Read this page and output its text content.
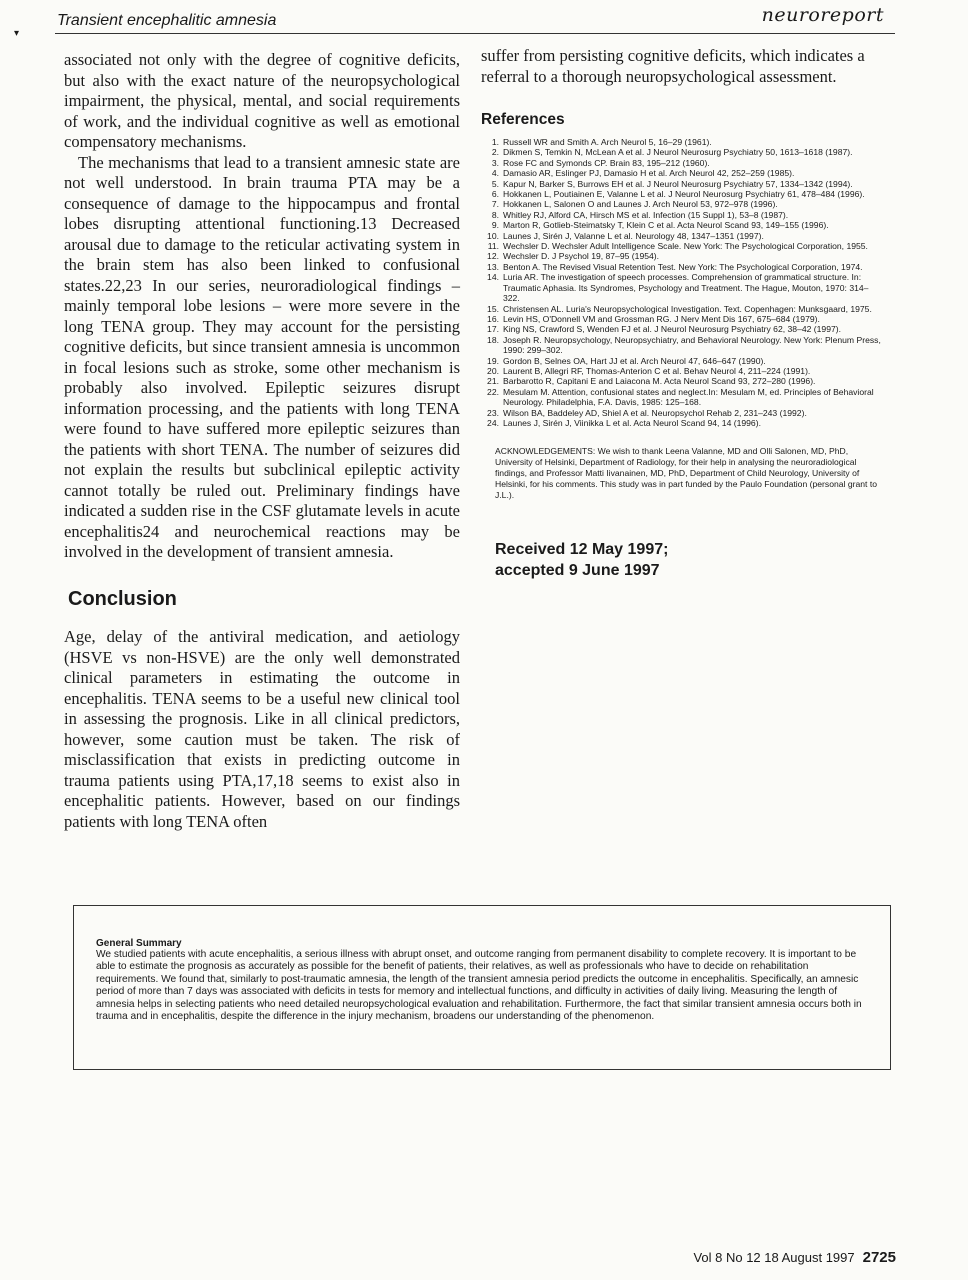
▾
Transient encephalitic amnesia	neuroreport

associated not only with the degree of cognitive deficits, but also with the exact nature of the neuropsychological impairment, the physical, mental, and social requirements of work, and the individual cognitive as well as emotional compensatory mechanisms.

The mechanisms that lead to a transient amnesic state are not well understood. In brain trauma PTA may be a consequence of damage to the hippocampus and frontal lobes disrupting attentional functioning.13 Decreased arousal due to damage to the reticular activating system in the brain stem has also been linked to confusional states.22,23 In our series, neuroradiological findings – mainly temporal lobe lesions – were more severe in the long TENA group. They may account for the persisting cognitive deficits, but since transient amnesia is uncommon in focal lesions such as stroke, some other mechanism is probably also involved. Epileptic seizures disrupt information processing, and the patients with long TENA were found to have suffered more epileptic seizures than the patients with short TENA. The number of seizures did not explain the results but subclinical epileptic activity cannot totally be ruled out. Preliminary findings have indicated a sudden rise in the CSF glutamate levels in acute encephalitis24 and neurochemical reactions may be involved in the development of transient amnesia.

Conclusion

Age, delay of the antiviral medication, and aetiology (HSVE vs non-HSVE) are the only well demonstrated clinical parameters in estimating the outcome in encephalitis. TENA seems to be a useful new clinical tool in assessing the prognosis. Like in all clinical predictors, however, some caution must be taken. The risk of misclassification that exists in predicting outcome in trauma patients using PTA,17,18 seems to exist also in encephalitic patients. However, based on our findings patients with long TENA often

suffer from persisting cognitive deficits, which indicates a referral to a thorough neuropsychological assessment.

References
1. Russell WR and Smith A. Arch Neurol 5, 16–29 (1961).
2. Dikmen S, Temkin N, McLean A et al. J Neurol Neurosurg Psychiatry 50, 1613–1618 (1987).
3. Rose FC and Symonds CP. Brain 83, 195–212 (1960).
4. Damasio AR, Eslinger PJ, Damasio H et al. Arch Neurol 42, 252–259 (1985).
5. Kapur N, Barker S, Burrows EH et al. J Neurol Neurosurg Psychiatry 57, 1334–1342 (1994).
6. Hokkanen L, Poutiainen E, Valanne L et al. J Neurol Neurosurg Psychiatry 61, 478–484 (1996).
7. Hokkanen L, Salonen O and Launes J. Arch Neurol 53, 972–978 (1996).
8. Whitley RJ, Alford CA, Hirsch MS et al. Infection (15 Suppl 1), 53–8 (1987).
9. Marton R, Gotlieb-Steimatsky T, Klein C et al. Acta Neurol Scand 93, 149–155 (1996).
10. Launes J, Sirén J, Valanne L et al. Neurology 48, 1347–1351 (1997).
11. Wechsler D. Wechsler Adult Intelligence Scale. New York: The Psychological Corporation, 1955.
12. Wechsler D. J Psychol 19, 87–95 (1954).
13. Benton A. The Revised Visual Retention Test. New York: The Psychological Corporation, 1974.
14. Luria AR. The investigation of speech processes. Comprehension of grammatical structure. In: Traumatic Aphasia. Its Syndromes, Psychology and Treatment. The Hague, Mouton, 1970: 314–322.
15. Christensen AL. Luria's Neuropsychological Investigation. Text. Copenhagen: Munksgaard, 1975.
16. Levin HS, O'Donnell VM and Grossman RG. J Nerv Ment Dis 167, 675–684 (1979).
17. King NS, Crawford S, Wenden FJ et al. J Neurol Neurosurg Psychiatry 62, 38–42 (1997).
18. Joseph R. Neuropsychology, Neuropsychiatry, and Behavioral Neurology. New York: Plenum Press, 1990: 299–302.
19. Gordon B, Selnes OA, Hart JJ et al. Arch Neurol 47, 646–647 (1990).
20. Laurent B, Allegri RF, Thomas-Anterion C et al. Behav Neurol 4, 211–224 (1991).
21. Barbarotto R, Capitani E and Laiacona M. Acta Neurol Scand 93, 272–280 (1996).
22. Mesulam M. Attention, confusional states and neglect.In: Mesulam M, ed. Principles of Behavioral Neurology. Philadelphia, F.A. Davis, 1985: 125–168.
23. Wilson BA, Baddeley AD, Shiel A et al. Neuropsychol Rehab 2, 231–243 (1992).
24. Launes J, Sirén J, Viinikka L et al. Acta Neurol Scand 94, 14 (1996).
ACKNOWLEDGEMENTS: We wish to thank Leena Valanne, MD and Olli Salonen, MD, PhD, University of Helsinki, Department of Radiology, for their help in analysing the neuroradiological findings, and Professor Matti Iivanainen, MD, PhD, Department of Child Neurology, University of Helsinki, for his comments. This study was in part funded by the Paulo Foundation (personal grant to J.L.).
Received 12 May 1997;
accepted 9 June 1997
General Summary

We studied patients with acute encephalitis, a serious illness with abrupt onset, and outcome ranging from permanent disability to complete recovery. It is important to be able to estimate the prognosis as accurately as possible for the benefit of patients, their relatives, as well as professionals who have to decide on rehabilitation requirements. We found that, similarly to post-traumatic amnesia, the length of the transient amnesia period predicts the outcome in encephalitis. Specifically, an amnesic period of more than 7 days was associated with deficits in tests for memory and intellectual functions, and difficulty in activities of daily living. Measuring the length of amnesia helps in selecting patients who need detailed neuropsychological evaluation and rehabilitation. Furthermore, the fact that similar transient amnesia occurs both in trauma and in encephalitis, despite the difference in the injury mechanism, broadens our understanding of the phenomenon.

Vol 8 No 12 18 August 1997 2725
